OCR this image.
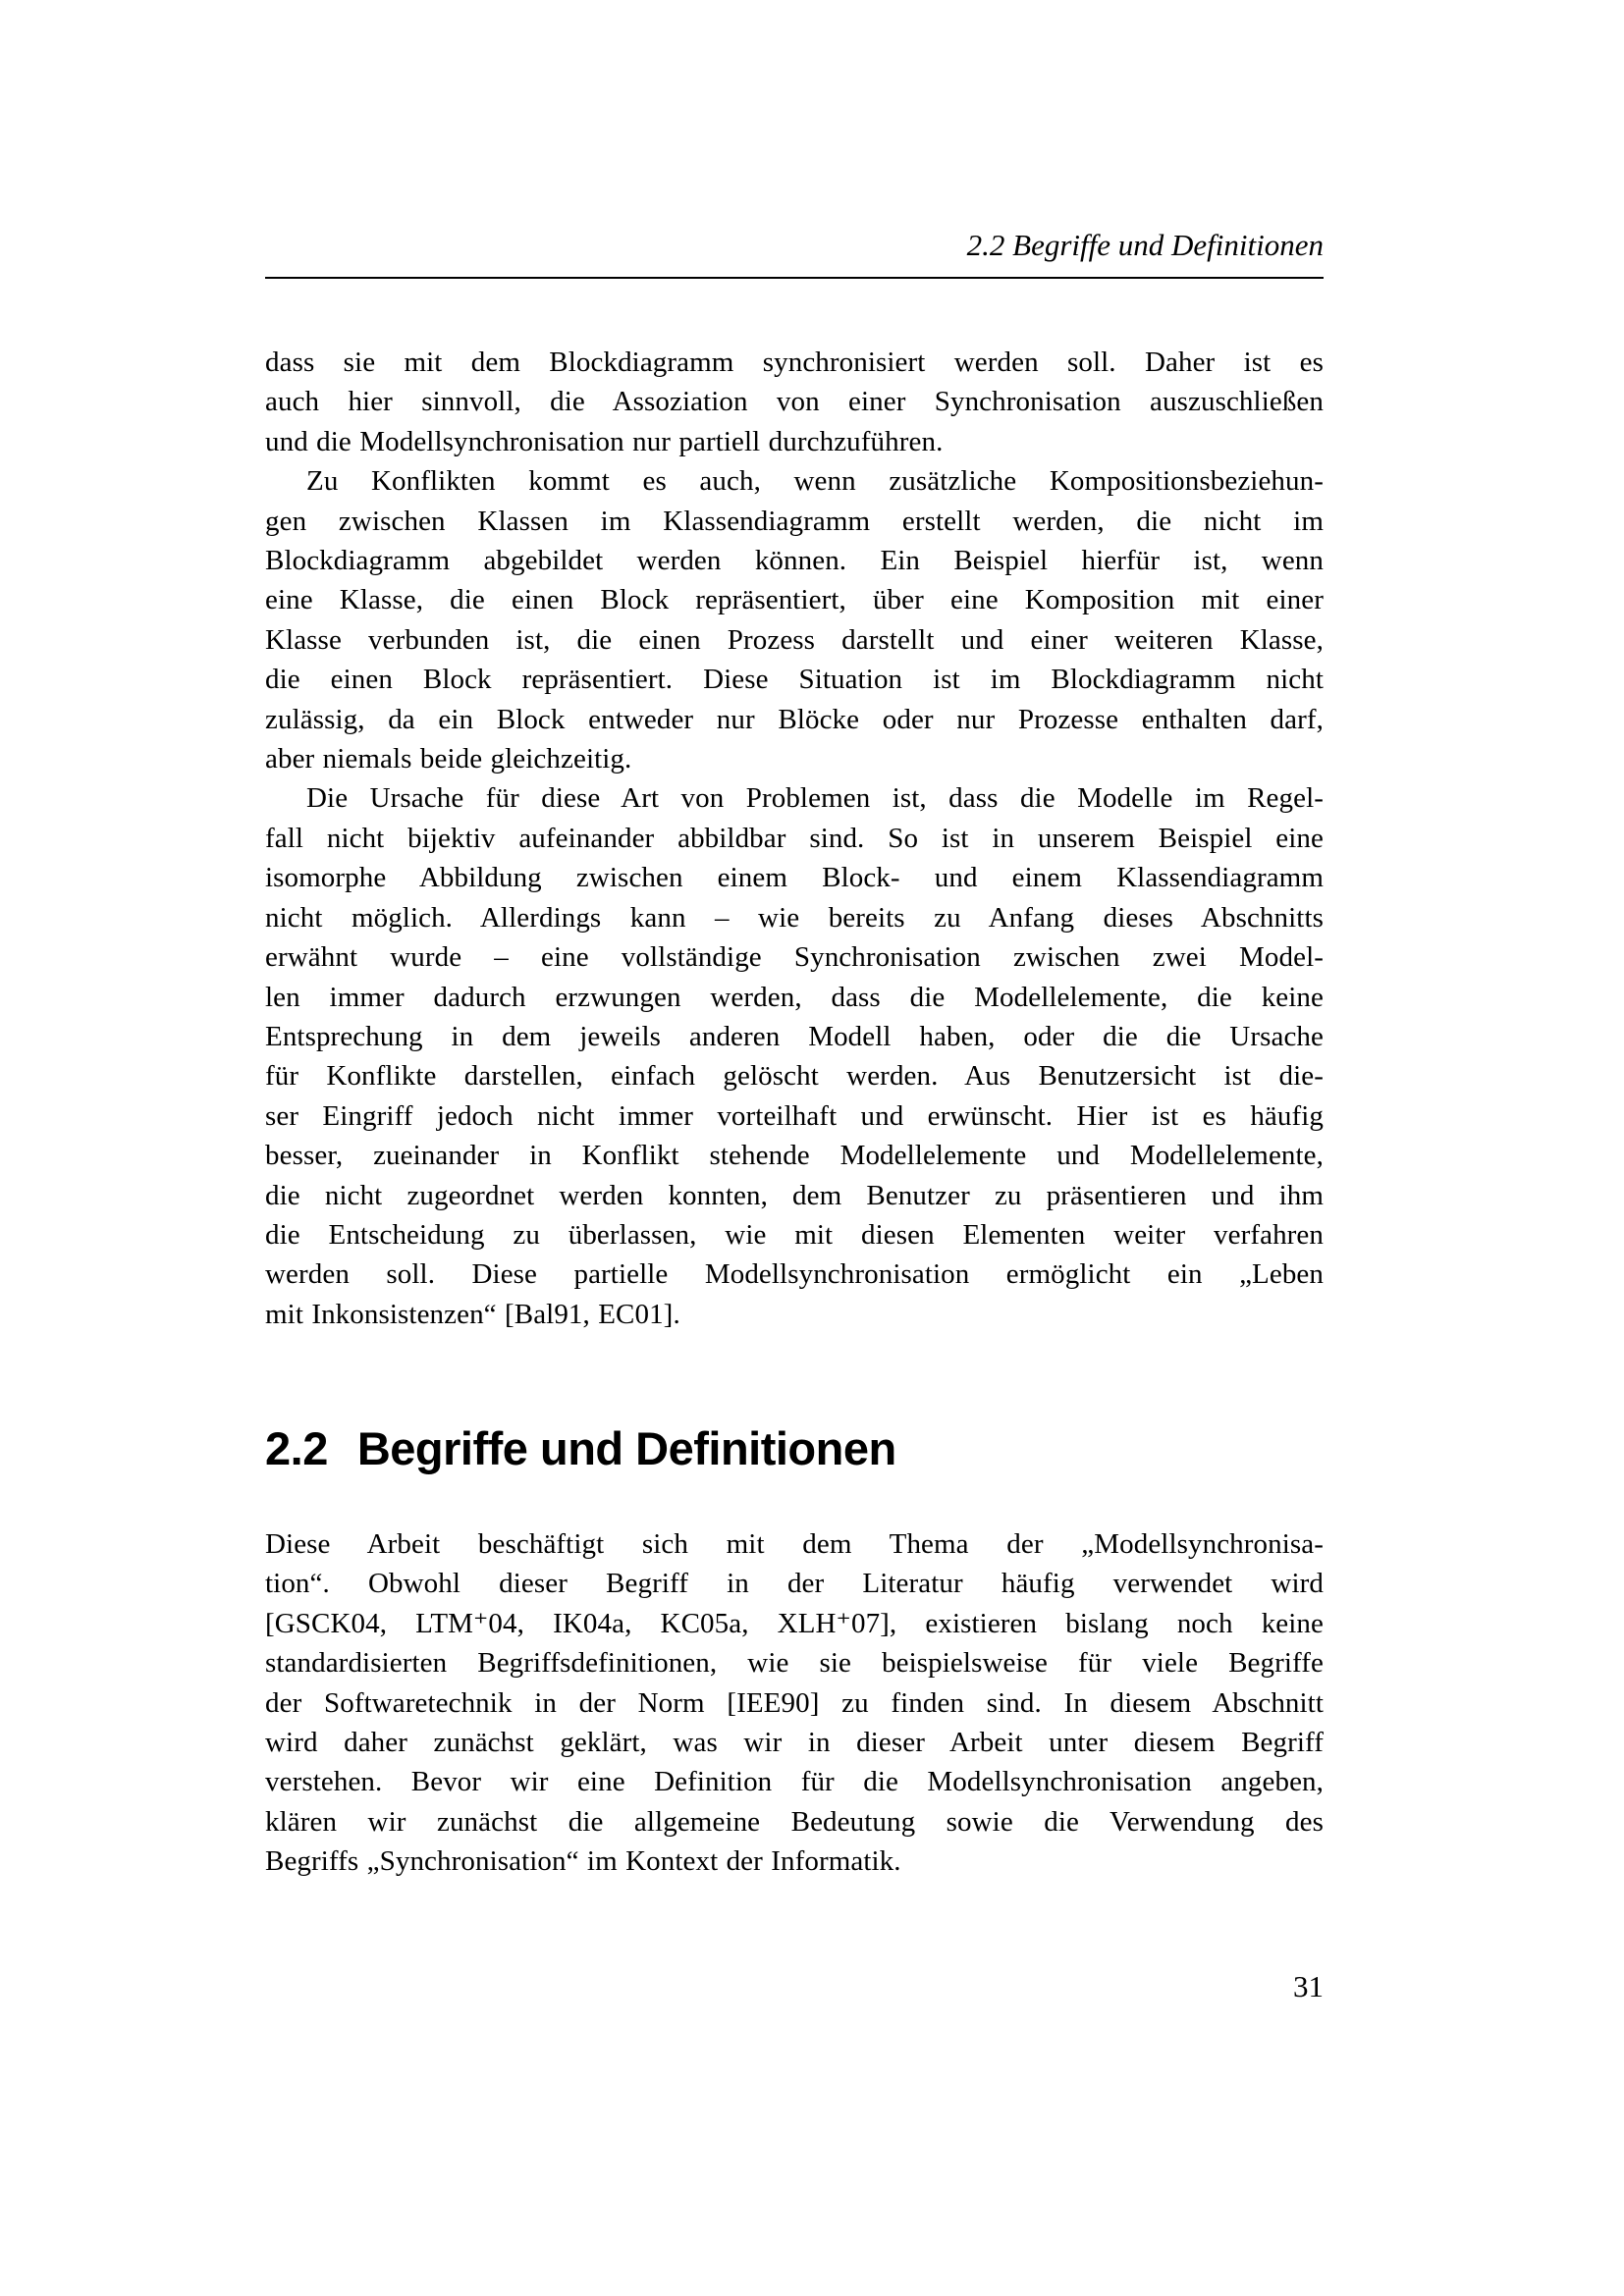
2.2 Begriffe und Definitionen
dass sie mit dem Blockdiagramm synchronisiert werden soll. Daher ist es
auch hier sinnvoll, die Assoziation von einer Synchronisation auszuschließen
und die Modellsynchronisation nur partiell durchzuführen.
Zu Konflikten kommt es auch, wenn zusätzliche Kompositionsbeziehun-
gen zwischen Klassen im Klassendiagramm erstellt werden, die nicht im
Blockdiagramm abgebildet werden können. Ein Beispiel hierfür ist, wenn
eine Klasse, die einen Block repräsentiert, über eine Komposition mit einer
Klasse verbunden ist, die einen Prozess darstellt und einer weiteren Klasse,
die einen Block repräsentiert. Diese Situation ist im Blockdiagramm nicht
zulässig, da ein Block entweder nur Blöcke oder nur Prozesse enthalten darf,
aber niemals beide gleichzeitig.
Die Ursache für diese Art von Problemen ist, dass die Modelle im Regel-
fall nicht bijektiv aufeinander abbildbar sind. So ist in unserem Beispiel eine
isomorphe Abbildung zwischen einem Block- und einem Klassendiagramm
nicht möglich. Allerdings kann – wie bereits zu Anfang dieses Abschnitts
erwähnt wurde – eine vollständige Synchronisation zwischen zwei Model-
len immer dadurch erzwungen werden, dass die Modellelemente, die keine
Entsprechung in dem jeweils anderen Modell haben, oder die die Ursache
für Konflikte darstellen, einfach gelöscht werden. Aus Benutzersicht ist die-
ser Eingriff jedoch nicht immer vorteilhaft und erwünscht. Hier ist es häufig
besser, zueinander in Konflikt stehende Modellelemente und Modellelemente,
die nicht zugeordnet werden konnten, dem Benutzer zu präsentieren und ihm
die Entscheidung zu überlassen, wie mit diesen Elementen weiter verfahren
werden soll. Diese partielle Modellsynchronisation ermöglicht ein „Leben
mit Inkonsistenzen“ [Bal91, EC01].
2.2 Begriffe und Definitionen
Diese Arbeit beschäftigt sich mit dem Thema der „Modellsynchronisa-
tion“. Obwohl dieser Begriff in der Literatur häufig verwendet wird
[GSCK04, LTM⁺04, IK04a, KC05a, XLH⁺07], existieren bislang noch keine
standardisierten Begriffsdefinitionen, wie sie beispielsweise für viele Begriffe
der Softwaretechnik in der Norm [IEE90] zu finden sind. In diesem Abschnitt
wird daher zunächst geklärt, was wir in dieser Arbeit unter diesem Begriff
verstehen. Bevor wir eine Definition für die Modellsynchronisation angeben,
klären wir zunächst die allgemeine Bedeutung sowie die Verwendung des
Begriffs „Synchronisation“ im Kontext der Informatik.
31
